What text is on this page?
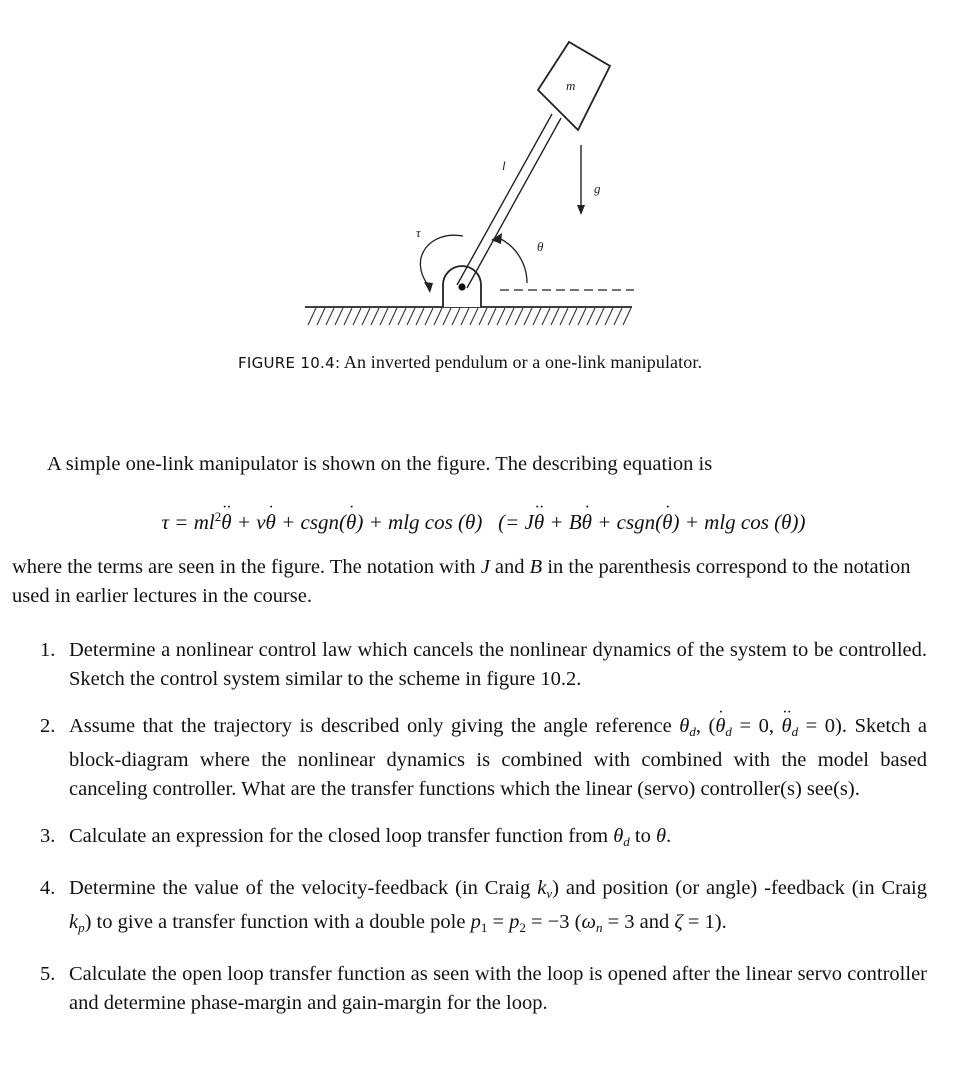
m
l
g
θ
τ
FIGURE 10.4: An inverted pendulum or a one-link manipulator.
A simple one-link manipulator is shown on the figure. The describing equation is
$\tau = ml^2\cdot\cdot \theta + \nu\cdot \theta$ + csgn(· θ) + mlg cos (θ) (= J·· θ + B· θ + csgn(· θ) + mlg cos (θ))
where the terms are seen in the figure. The notation with J and B in the parenthesis correspond to the notation used in earlier lectures in the course.
1. Determine a nonlinear control law which cancels the nonlinear dynamics of the system to be controlled. Sketch the control system similar to the scheme in figure 10.2.
2. Assume that the trajectory is described only giving the angle reference $\theta_d$, (· $\theta_d = 0$, ·· $\theta_d = 0$). Sketch a block-diagram where the nonlinear dynamics is combined with combined with the model based canceling controller. What are the transfer functions which the linear (servo) controller(s) see(s).
3. Calculate an expression for the closed loop transfer function from $\theta_d$ to θ.
4. Determine the value of the velocity-feedback (in Craig $k_\nu$) and position (or angle) -feedback (in Craig $k_p$) to give a transfer function with a double pole $p_1 = p_2 = -3$ ($\omega_n = 3$ and ζ = 1).
5. Calculate the open loop transfer function as seen with the loop is opened after the linear servo controller and determine phase-margin and gain-margin for the loop.
